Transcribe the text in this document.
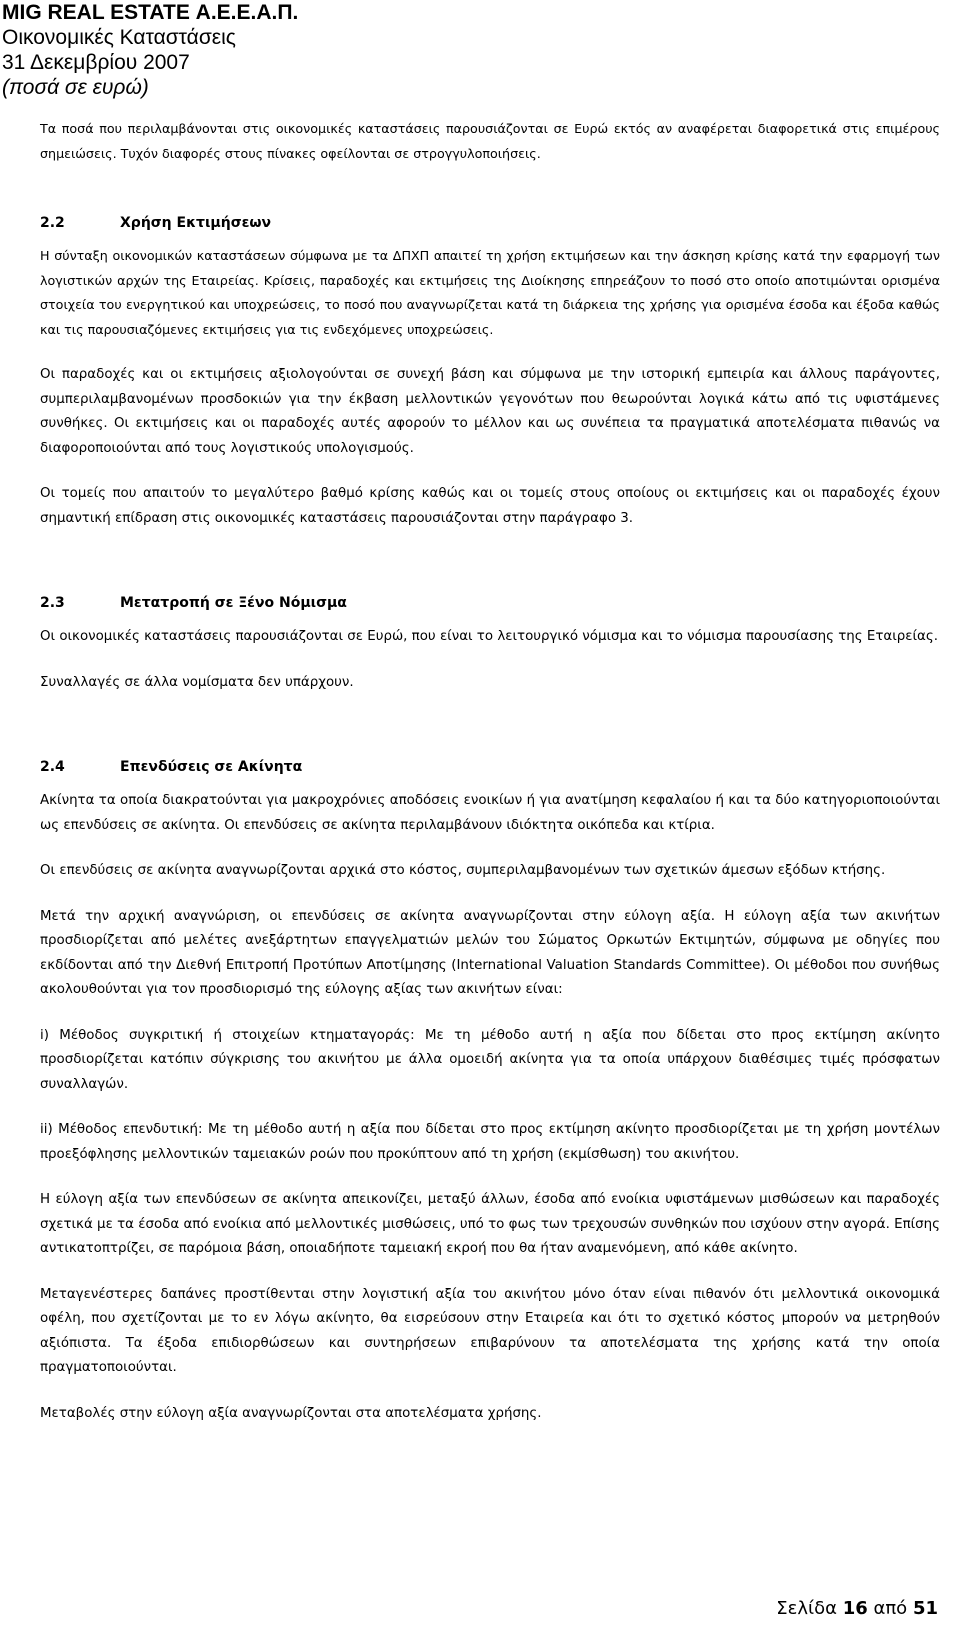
MIG REAL ESTATE Α.Ε.Ε.Α.Π.
Οικονομικές Καταστάσεις
31 Δεκεμβρίου 2007
(ποσά σε ευρώ)

Τα ποσά που περιλαμβάνονται στις οικονομικές καταστάσεις παρουσιάζονται σε Ευρώ εκτός αν αναφέρεται διαφορετικά στις επιμέρους σημειώσεις. Τυχόν διαφορές στους πίνακες οφείλονται σε στρογγυλοποιήσεις.

2.2	Χρήση Εκτιμήσεων

Η σύνταξη οικονομικών καταστάσεων σύμφωνα με τα ΔΠΧΠ απαιτεί τη χρήση εκτιμήσεων και την άσκηση κρίσης κατά την εφαρμογή των λογιστικών αρχών της Εταιρείας. Κρίσεις, παραδοχές και εκτιμήσεις της Διοίκησης επηρεάζουν το ποσό στο οποίο αποτιμώνται ορισμένα στοιχεία του ενεργητικού και υποχρεώσεις, το ποσό που αναγνωρίζεται κατά τη διάρκεια της χρήσης για ορισμένα έσοδα και έξοδα καθώς και τις παρουσιαζόμενες εκτιμήσεις για τις ενδεχόμενες υποχρεώσεις.

Οι παραδοχές και οι εκτιμήσεις αξιολογούνται σε συνεχή βάση και σύμφωνα με την ιστορική εμπειρία και άλλους παράγοντες, συμπεριλαμβανομένων προσδοκιών για την έκβαση μελλοντικών γεγονότων που θεωρούνται λογικά κάτω από τις υφιστάμενες συνθήκες. Οι εκτιμήσεις και οι παραδοχές αυτές αφορούν το μέλλον και ως συνέπεια τα πραγματικά αποτελέσματα πιθανώς να διαφοροποιούνται από τους λογιστικούς υπολογισμούς.

Οι τομείς που απαιτούν το μεγαλύτερο βαθμό κρίσης καθώς και οι τομείς στους οποίους οι εκτιμήσεις και οι παραδοχές έχουν σημαντική επίδραση στις οικονομικές καταστάσεις παρουσιάζονται στην παράγραφο 3.

2.3	Μετατροπή σε Ξένο Νόμισμα

Οι οικονομικές καταστάσεις παρουσιάζονται σε Ευρώ, που είναι το λειτουργικό νόμισμα και το νόμισμα παρουσίασης της Εταιρείας.

Συναλλαγές σε άλλα νομίσματα δεν υπάρχουν.

2.4	Επενδύσεις σε Ακίνητα

Ακίνητα τα οποία διακρατούνται για μακροχρόνιες αποδόσεις ενοικίων ή για ανατίμηση κεφαλαίου ή και τα δύο κατηγοριοποιούνται ως επενδύσεις σε ακίνητα. Οι επενδύσεις σε ακίνητα περιλαμβάνουν ιδιόκτητα οικόπεδα και κτίρια.

Οι επενδύσεις σε ακίνητα αναγνωρίζονται αρχικά στο κόστος, συμπεριλαμβανομένων των σχετικών άμεσων εξόδων κτήσης.

Μετά την αρχική αναγνώριση, οι επενδύσεις σε ακίνητα αναγνωρίζονται στην εύλογη αξία. Η εύλογη αξία των ακινήτων προσδιορίζεται από μελέτες ανεξάρτητων επαγγελματιών μελών του Σώματος Ορκωτών Εκτιμητών, σύμφωνα με οδηγίες που εκδίδονται από την Διεθνή Επιτροπή Προτύπων Αποτίμησης (International Valuation Standards Committee). Οι μέθοδοι που συνήθως ακολουθούνται για τον προσδιορισμό της εύλογης αξίας των ακινήτων είναι:

i) Μέθοδος συγκριτική ή στοιχείων κτηματαγοράς: Με τη μέθοδο αυτή η αξία που δίδεται στο προς εκτίμηση ακίνητο προσδιορίζεται κατόπιν σύγκρισης του ακινήτου με άλλα ομοειδή ακίνητα για τα οποία υπάρχουν διαθέσιμες τιμές πρόσφατων συναλλαγών.

ii) Μέθοδος επενδυτική: Με τη μέθοδο αυτή η αξία που δίδεται στο προς εκτίμηση ακίνητο προσδιορίζεται με τη χρήση μοντέλων προεξόφλησης μελλοντικών ταμειακών ροών που προκύπτουν από τη χρήση (εκμίσθωση) του ακινήτου.

Η εύλογη αξία των επενδύσεων σε ακίνητα απεικονίζει, μεταξύ άλλων, έσοδα από ενοίκια υφιστάμενων μισθώσεων και παραδοχές σχετικά με τα έσοδα από ενοίκια από μελλοντικές μισθώσεις, υπό το φως των τρεχουσών συνθηκών που ισχύουν στην αγορά. Επίσης αντικατοπτρίζει, σε παρόμοια βάση, οποιαδήποτε ταμειακή εκροή που θα ήταν αναμενόμενη, από κάθε ακίνητο.

Μεταγενέστερες δαπάνες προστίθενται στην λογιστική αξία του ακινήτου μόνο όταν είναι πιθανόν ότι μελλοντικά οικονομικά οφέλη, που σχετίζονται με το εν λόγω ακίνητο, θα εισρεύσουν στην Εταιρεία και ότι το σχετικό κόστος μπορούν να μετρηθούν αξιόπιστα. Τα έξοδα επιδιορθώσεων και συντηρήσεων επιβαρύνουν τα αποτελέσματα της χρήσης κατά την οποία πραγματοποιούνται.

Μεταβολές στην εύλογη αξία αναγνωρίζονται στα αποτελέσματα χρήσης.

Σελίδα 16 από 51
